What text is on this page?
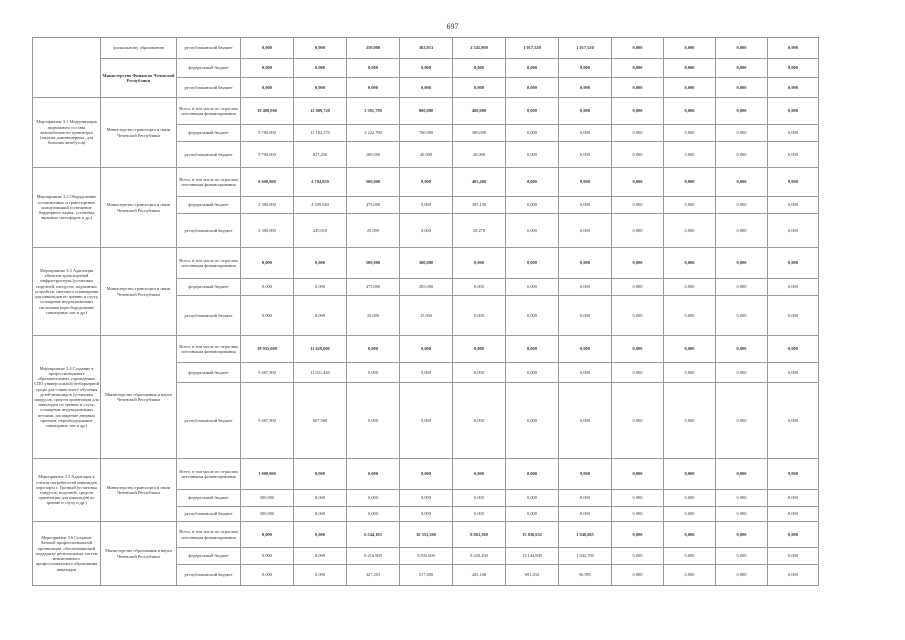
697
	дошкольному образованию	республиканский бюджет	0,000	0,000	250,000	302,013	2 545,800	1 017,520	1 017,520	0,000	0,000	0,000	0,000
	Министерство Финансов Чеченской Республики	федеральный бюджет	0,000	0,000	0,000	0,000	0,000	0,000	0,000	0,000	0,000	0,000	0,000
		республиканский бюджет	0,000	0,000	0,000	0,000	0,000	0,000	0,000	0,000	0,000	0,000	0,000
Мероприятие 3.1 Модернизация подвижного состава автомобильного транспорта (закупка длинномерных, для больших автобусов)	Министерство транспорта и связи Чеченской Республики	Всего, в том числе по отраслям источникам финансирования	19 400,000	12 009,720	3 391,790	800,000	400,000	0,000	0,000	0,000	0,000	0,000	0,000
		федеральный бюджет	9 700,000	11 182,270	3 222,790	760,000	380,000	0,000	0,000	0,000	0,000	0,000	0,000
		республиканский бюджет	9 700,000	827,450	169,590	40,000	20,000	0,000	0,000	0,000	0,000	0,000	0,000
Мероприятие 3.2 Оборудование остановочных и транспортных коммуникаций (освещение бордюрного камня, установка звуковых светофоров и др.)	Министерство транспорта и связи Чеченской Республики	Всего, в том числе по отраслям источникам финансирования	6 600,000	4 704,850	500,000	0,000	405,400	0,000	0,000	0,000	0,000	0,000	0,000
		федеральный бюджет	3 300,000	4 459,040	475,000	0,000	385,130	0,000	0,000	0,000	0,000	0,000	0,000
		республиканский бюджет	3 300,000	245,810	25,000	0,000	20,270	0,000	0,000	0,000	0,000	0,000	0,000
Мероприятие 3.3 Адаптация объектов транспортной инфраструктуры (установка поручней, пандусов, подъемных устройств, светового оповещения для инвалидов по зрению и слуху, оснащение индукционными системами переоборудование санитарных зон и др.)	Министерство транспорта и связи Чеченской Республики	Всего, в том числе по отраслям источникам финансирования	0,000	0,000	500,000	300,000	0,000	0,000	0,000	0,000	0,000	0,000	0,000
		федеральный бюджет	0,000	0,000	475,000	285,000	0,000	0,000	0,000	0,000	0,000	0,000	0,000
		республиканский бюджет	0,000	0,000	25,000	15,000	0,000	0,000	0,000	0,000	0,000	0,000	0,000
Мероприятие 3.4 Создание в профессиональных образовательных учреждениях СПО универсальной безбарьерной среды для совместного обучения детей-инвалидов (установка пандусов, средств ориентации для инвалидов по зрению и слуху, оснащение индукционными петлями, расширение дверных проемов, переоборудование санитарных зон и др.)	Министерство образования и науки Чеченской Республики	Всего, в том числе по отраслям источникам финансирования	18 935,000	11 629,000	0,000	0,000	0,000	0,000	0,000	0,000	0,000	0,000	0,000
		федеральный бюджет	9 467,500	11 021,440	0,000	0,000	0,000	0,000	0,000	0,000	0,000	0,000	0,000
		республиканский бюджет	9 467,500	607,560	0,000	0,000	0,000	0,000	0,000	0,000	0,000	0,000	0,000
Мероприятие 3.5 Адаптация к учетом потребностей инвалидов аэропорта г. Грозный (установка гандусов, поручней, средств ориентации для инвалидов по зрению и слуху и др.)	Министерство транспорта и связи Чеченской Республики	Всего, в том числе по отраслям источникам финансирования	1 000,000	0,000	0,000	0,000	0,000	0,000	0,000	0,000	0,000	0,000	0,000
		федеральный бюджет	500,000	0,000	0,000	0,000	0,000	0,000	0,000	0,000	0,000	0,000	0,000
		республиканский бюджет	500,000	0,000	0,000	0,000	0,000	0,000	0,000	0,000	0,000	0,000	0,000
Мероприятие 3.6 Создание базовой профессиональной организации, обеспечивающей поддержку региональных систем инклюзивного профессионального образования инвалидов	Министерство образования и науки Чеченской Республики	Всего, в том числе по отраслям источникам финансирования	0,000	0,000	6 544,103	10 353,300	8 863,368	15 836,632	1 940,685	0,000	0,000	0,000	0,000
		федеральный бюджет	0,000	0,000	6 216,900	9 835,600	8 420,200	15 144,800	1 843,700	0,000	0,000	0,000	0,000
		республиканский бюджет	0,000	0,000	327,203	517,680	443,168	691,832	96,985	0,000	0,000	0,000	0,000
